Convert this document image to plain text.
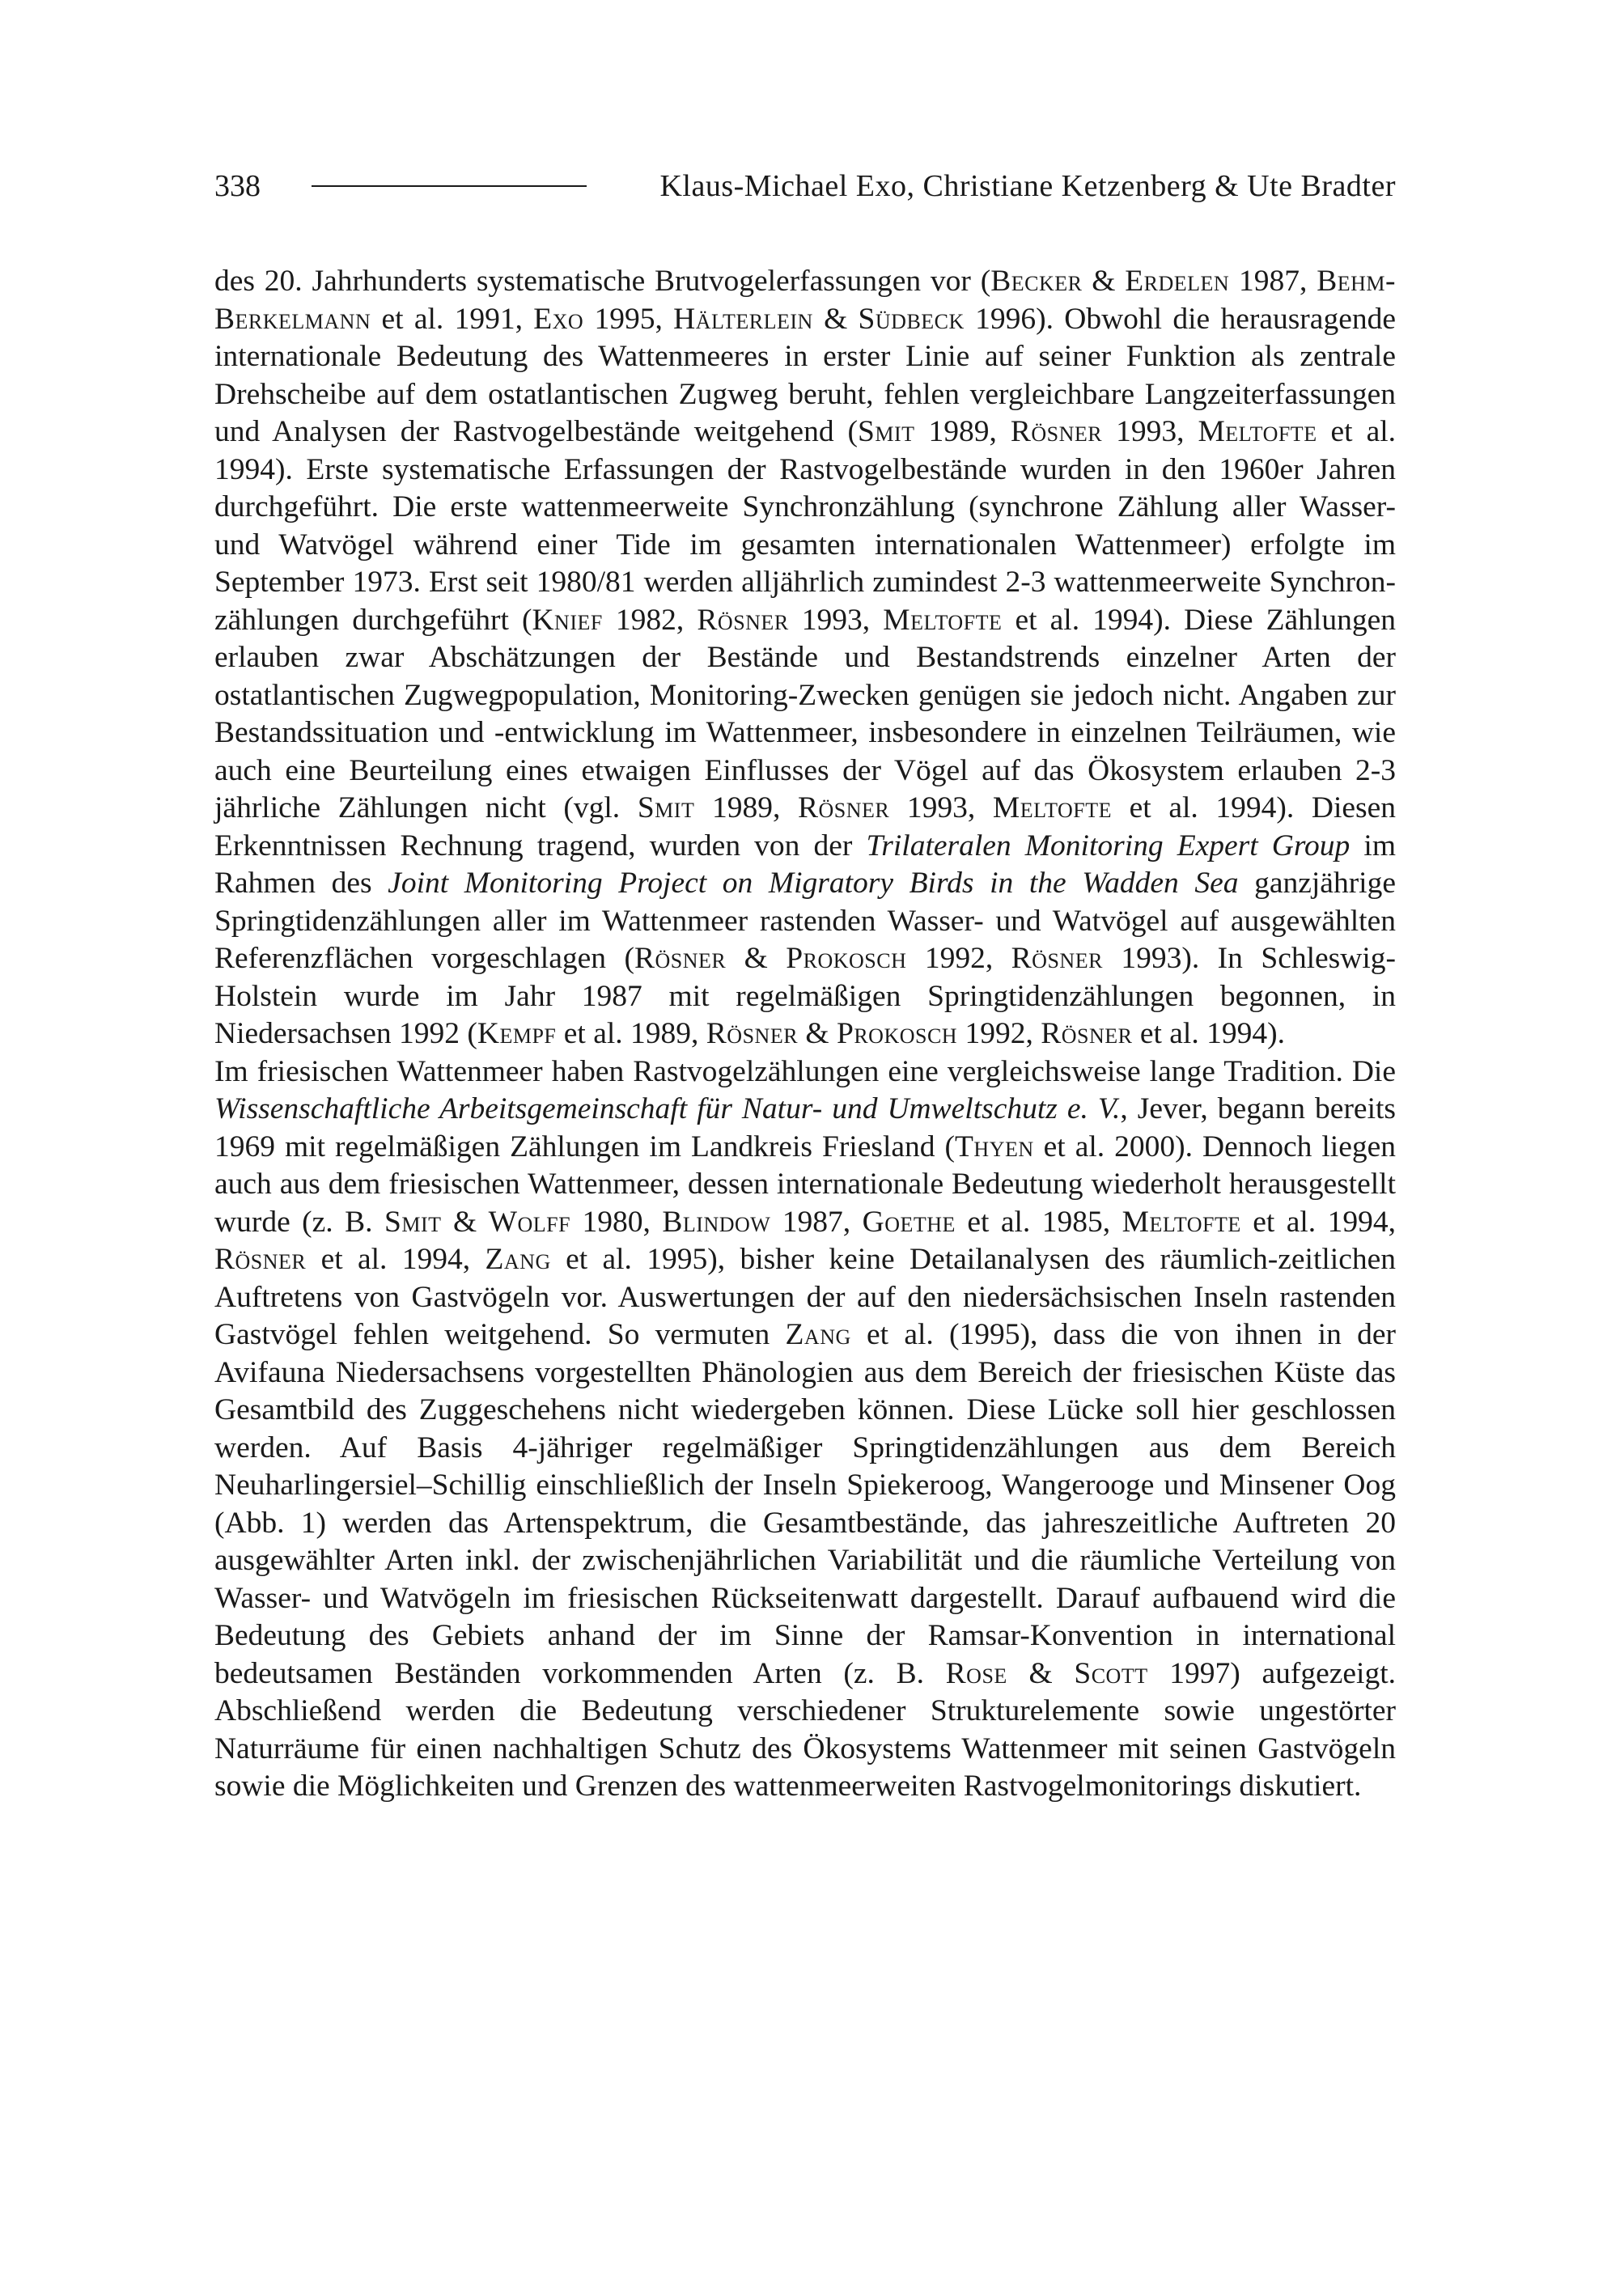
338	Klaus-Michael Exo, Christiane Ketzenberg & Ute Bradter

des 20. Jahrhunderts systematische Brutvogelerfassungen vor (Becker & Erdelen 1987, Behm-Berkelmann et al. 1991, Exo 1995, Hälterlein & Südbeck 1996). Obwohl die herausragende internationale Bedeutung des Wattenmeeres in erster Linie auf seiner Funktion als zentrale Drehscheibe auf dem ostatlantischen Zugweg beruht, fehlen vergleichbare Langzeiterfassungen und Analysen der Rastvogelbestände weitgehend (Smit 1989, Rösner 1993, Meltofte et al. 1994). Erste systematische Erfassungen der Rastvogelbestände wurden in den 1960er Jahren durchgeführt. Die erste wattenmeerweite Synchronzählung (synchrone Zählung aller Wasser- und Watvögel während einer Tide im gesamten internationalen Wattenmeer) erfolgte im September 1973. Erst seit 1980/81 werden alljährlich zumindest 2-3 wattenmeerweite Synchronzählungen durchgeführt (Knief 1982, Rösner 1993, Meltofte et al. 1994). Diese Zählungen erlauben zwar Abschätzungen der Bestände und Bestandstrends einzelner Arten der ostatlantischen Zugwegpopulation, Monitoring-Zwecken genügen sie jedoch nicht. Angaben zur Bestandssituation und -entwicklung im Wattenmeer, insbesondere in einzelnen Teilräumen, wie auch eine Beurteilung eines etwaigen Einflusses der Vögel auf das Ökosystem erlauben 2-3 jährliche Zählungen nicht (vgl. Smit 1989, Rösner 1993, Meltofte et al. 1994). Diesen Erkenntnissen Rechnung tragend, wurden von der Trilateralen Monitoring Expert Group im Rahmen des Joint Monitoring Project on Migratory Birds in the Wadden Sea ganzjährige Springtidenzählungen aller im Wattenmeer rastenden Wasser- und Watvögel auf ausgewählten Referenzflächen vorgeschlagen (Rösner & Prokosch 1992, Rösner 1993). In Schleswig-Holstein wurde im Jahr 1987 mit regelmäßigen Springtidenzählungen begonnen, in Niedersachsen 1992 (Kempf et al. 1989, Rösner & Prokosch 1992, Rösner et al. 1994).

Im friesischen Wattenmeer haben Rastvogelzählungen eine vergleichsweise lange Tradition. Die Wissenschaftliche Arbeitsgemeinschaft für Natur- und Umweltschutz e. V., Jever, begann bereits 1969 mit regelmäßigen Zählungen im Landkreis Friesland (Thyen et al. 2000). Dennoch liegen auch aus dem friesischen Wattenmeer, dessen internationale Bedeutung wiederholt herausgestellt wurde (z. B. Smit & Wolff 1980, Blindow 1987, Goethe et al. 1985, Meltofte et al. 1994, Rösner et al. 1994, Zang et al. 1995), bisher keine Detailanalysen des räumlich-zeitlichen Auftretens von Gastvögeln vor. Auswertungen der auf den niedersächsischen Inseln rastenden Gastvögel fehlen weitgehend. So vermuten Zang et al. (1995), dass die von ihnen in der Avifauna Niedersachsens vorgestellten Phänologien aus dem Bereich der friesischen Küste das Gesamtbild des Zuggeschehens nicht wiedergeben können. Diese Lücke soll hier geschlossen werden. Auf Basis 4-jähriger regelmäßiger Springtidenzählungen aus dem Bereich Neuharlingersiel–Schillig einschließlich der Inseln Spiekeroog, Wangerooge und Minsener Oog (Abb. 1) werden das Artenspektrum, die Gesamtbestände, das jahreszeitliche Auftreten 20 ausgewählter Arten inkl. der zwischenjährlichen Variabilität und die räumliche Verteilung von Wasser- und Watvögeln im friesischen Rückseitenwatt dargestellt. Darauf aufbauend wird die Bedeutung des Gebiets anhand der im Sinne der Ramsar-Konvention in international bedeutsamen Beständen vorkommenden Arten (z. B. Rose & Scott 1997) aufgezeigt. Abschließend werden die Bedeutung verschiedener Strukturelemente sowie ungestörter Naturräume für einen nachhaltigen Schutz des Ökosystems Wattenmeer mit seinen Gastvögeln sowie die Möglichkeiten und Grenzen des wattenmeerweiten Rastvogelmonitorings diskutiert.
